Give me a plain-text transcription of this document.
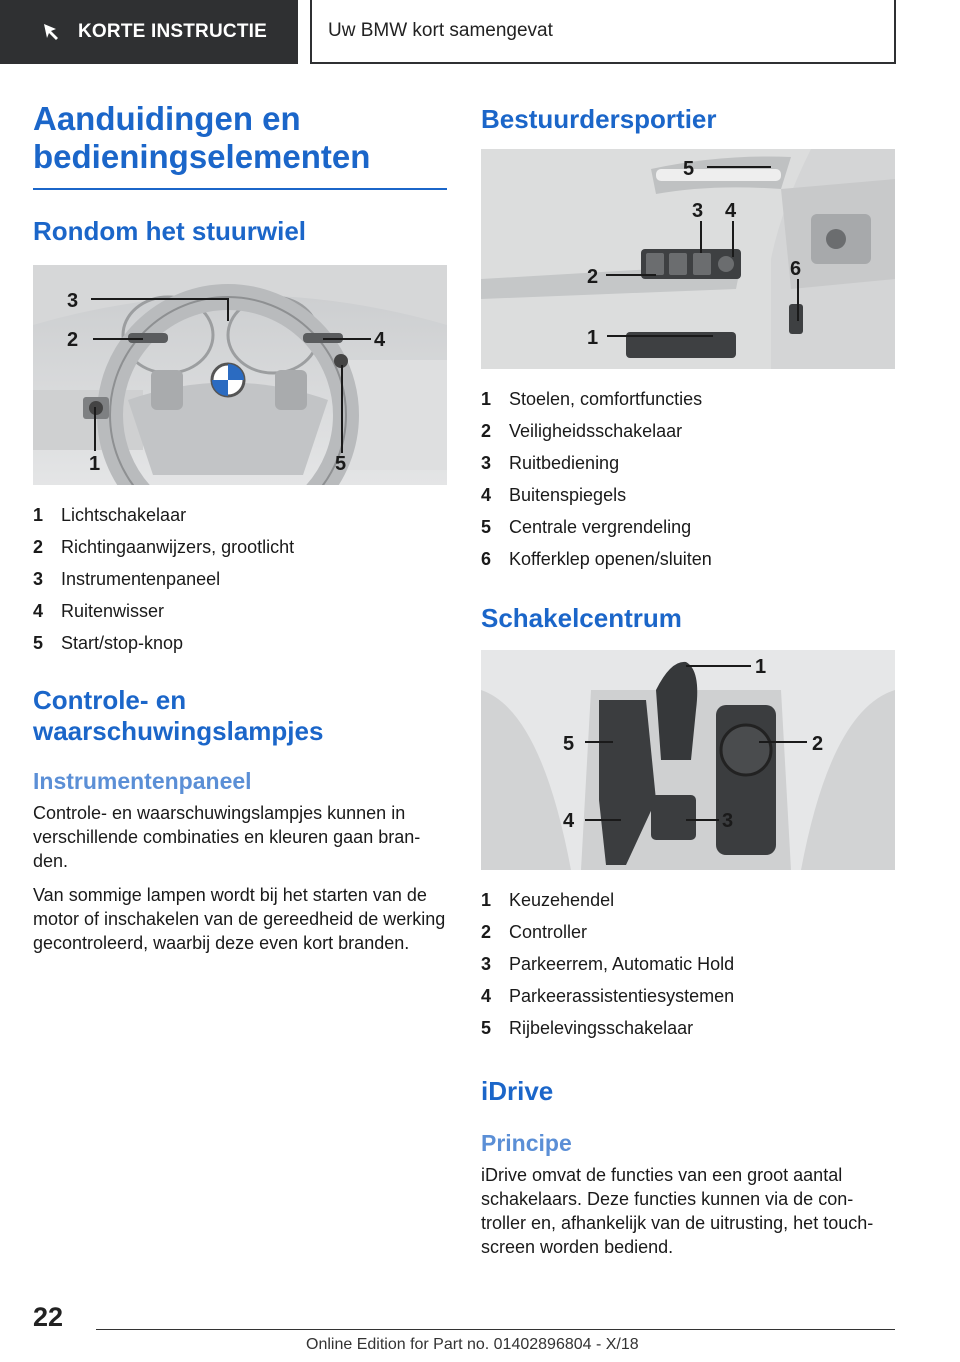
KORTE INSTRUCTIE	Uw BMW kort samengevat
Aanduidingen en
bedieningselementen
Rondom het stuurwiel
3
2	4
1	5
1 Lichtschakelaar
2 Richtingaanwijzers, grootlicht
3 Instrumentenpaneel
4 Ruitenwisser
5 Start/stop-knop
Controle- en
waarschuwingslampjes
Instrumentenpaneel

Controle- en waarschuwingslampjes kunnen in verschillende combinaties en kleuren gaan bran-den.

Van sommige lampen wordt bij het starten van de motor of inschakelen van de gereedheid de werking gecontroleerd, waarbij deze even kort branden.

Bestuurdersportier
5
3 4
2	6
1
1 Stoelen, comfortfuncties
2 Veiligheidsschakelaar
3 Ruitbediening
4 Buitenspiegels
5 Centrale vergrendeling
6 Kofferklep openen/sluiten
Schakelcentrum
1
2
3
4
5
1 Keuzehendel
2 Controller
3 Parkeerrem, Automatic Hold
4 Parkeerassistentiesystemen
5 Rijbelevingsschakelaar
iDrive
Principe

iDrive omvat de functies van een groot aantal schakelaars. Deze functies kunnen via de con-troller en, afhankelijk van de uitrusting, het touch-screen worden bediend.

22
Online Edition for Part no. 01402896804 - X/18
